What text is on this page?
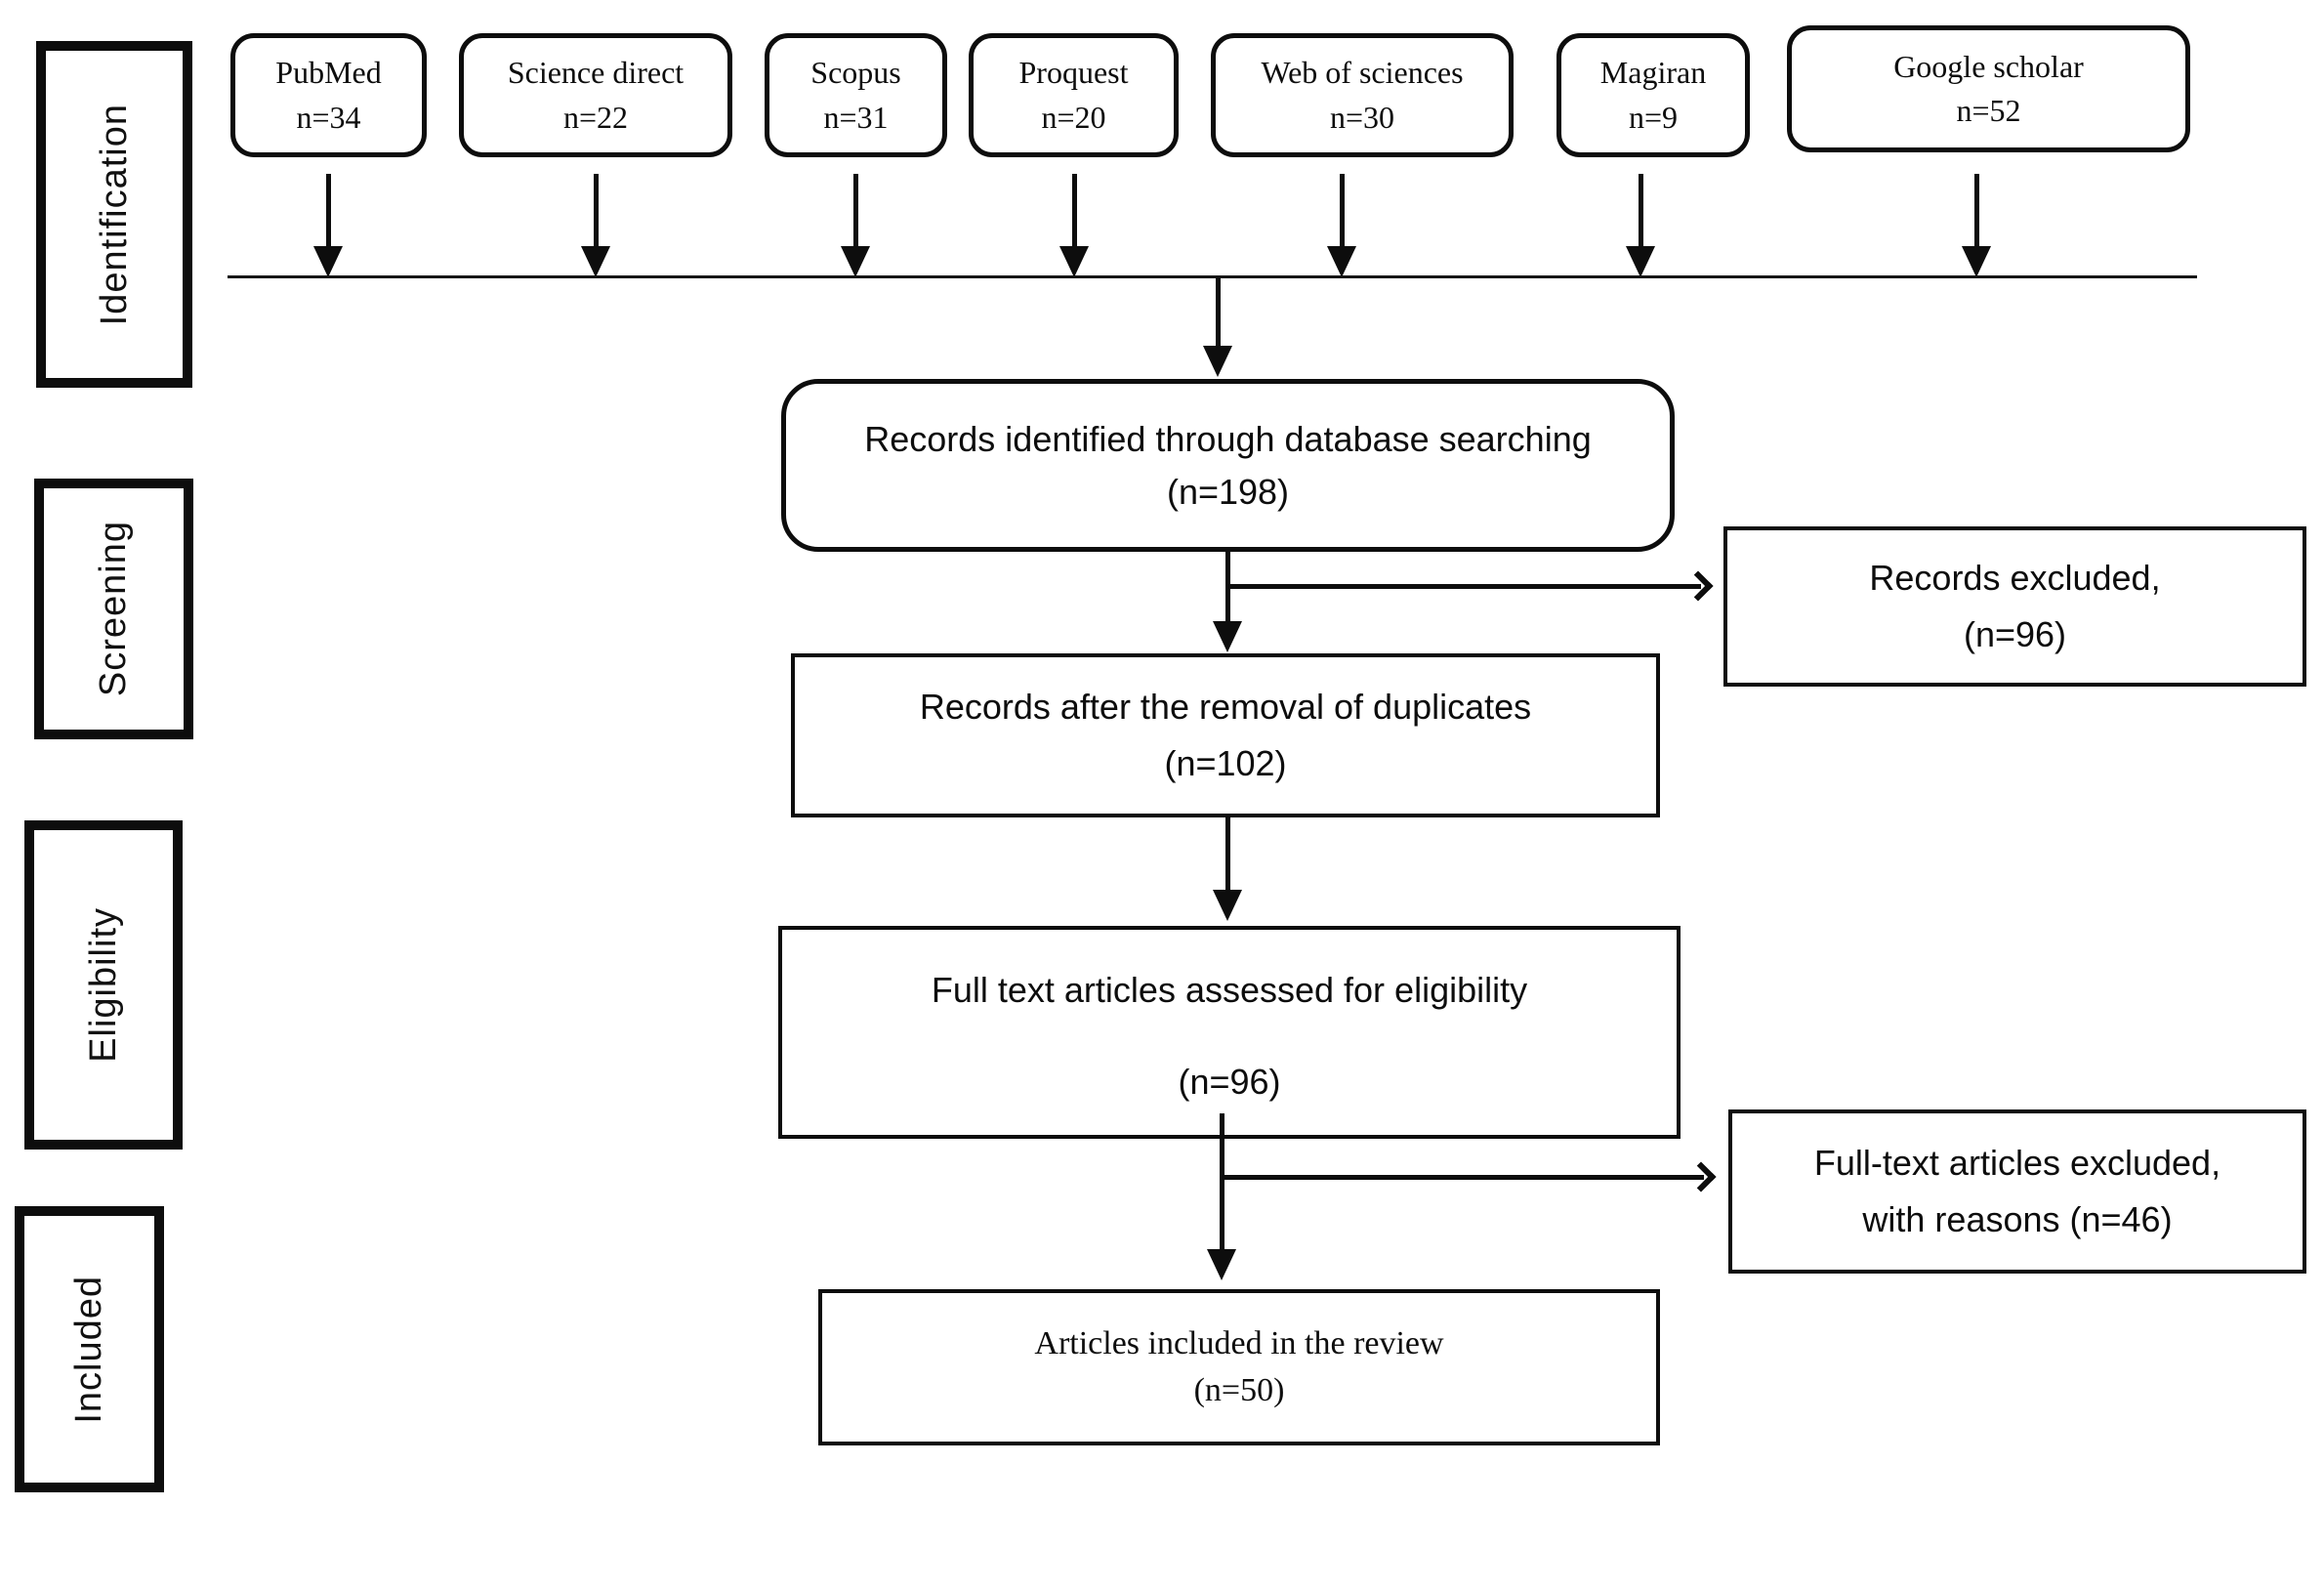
Identification
Screening
Eligibility
Included
PubMed
n=34
Science direct
n=22
Scopus
n=31
Proquest
n=20
Web of sciences
n=30
Magiran
n=9
Google scholar
n=52
Records identified through database searching
(n=198)
Records excluded,
(n=96)
Records after the removal of duplicates
(n=102)
Full text articles assessed for eligibility
(n=96)
Full-text articles excluded,
with reasons (n=46)
Articles included in the review
(n=50)
